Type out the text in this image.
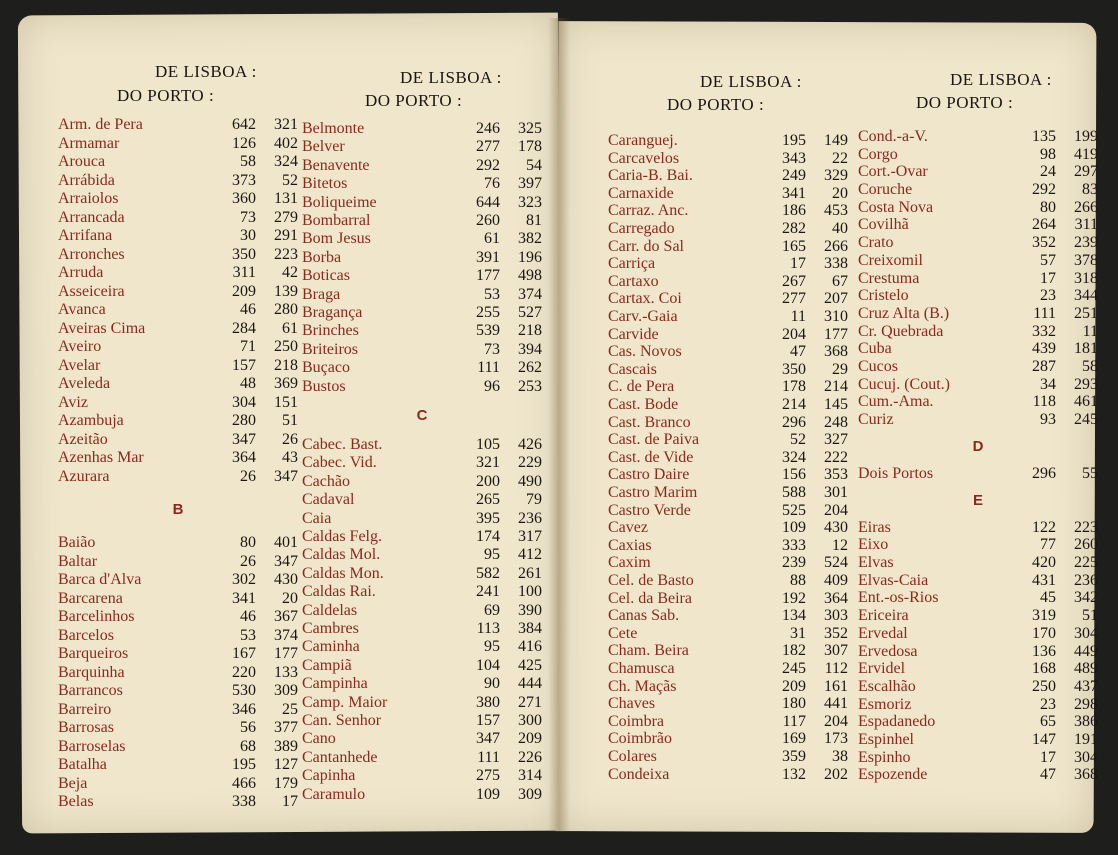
DE LISBOA :
DO PORTO :
Arm. de Pera	642	321
Armamar	126	402
Arouca	58	324
Arrábida	373	52
Arraiolos	360	131
Arrancada	73	279
Arrifana	30	291
Arronches	350	223
Arruda	311	42
Asseiceira	209	139
Avanca	46	280
Aveiras Cima	284	61
Aveiro	71	250
Avelar	157	218
Aveleda	48	369
Aviz	304	151
Azambuja	280	51
Azeitão	347	26
Azenhas Mar	364	43
Azurara	26	347
B
Baião	80	401
Baltar	26	347
Barca d'Alva	302	430
Barcarena	341	20
Barcelinhos	46	367
Barcelos	53	374
Barqueiros	167	177
Barquinha	220	133
Barrancos	530	309
Barreiro	346	25
Barrosas	56	377
Barroselas	68	389
Batalha	195	127
Beja	466	179
Belas	338	17
DE LISBOA :
DO PORTO :
Belmonte	246	325
Belver	277	178
Benavente	292	54
Bitetos	76	397
Boliqueime	644	323
Bombarral	260	81
Bom Jesus	61	382
Borba	391	196
Boticas	177	498
Braga	53	374
Bragança	255	527
Brinches	539	218
Briteiros	73	394
Buçaco	111	262
Bustos	96	253
C
Cabec. Bast.	105	426
Cabec. Vid.	321	229
Cachão	200	490
Cadaval	265	79
Caia	395	236
Caldas Felg.	174	317
Caldas Mol.	95	412
Caldas Mon.	582	261
Caldas Rai.	241	100
Caldelas	69	390
Cambres	113	384
Caminha	95	416
Campiã	104	425
Campinha	90	444
Camp. Maior	380	271
Can. Senhor	157	300
Cano	347	209
Cantanhede	111	226
Capinha	275	314
Caramulo	109	309
DE LISBOA :
DO PORTO :
Caranguej.	195	149
Carcavelos	343	22
Caria-B. Bai.	249	329
Carnaxide	341	20
Carraz. Anc.	186	453
Carregado	282	40
Carr. do Sal	165	266
Carriça	17	338
Cartaxo	267	67
Cartax. Coi	277	207
Carv.-Gaia	11	310
Carvide	204	177
Cas. Novos	47	368
Cascais	350	29
C. de Pera	178	214
Cast. Bode	214	145
Cast. Branco	296	248
Cast. de Paiva	52	327
Cast. de Vide	324	222
Castro Daire	156	353
Castro Marim	588	301
Castro Verde	525	204
Cavez	109	430
Caxias	333	12
Caxim	239	524
Cel. de Basto	88	409
Cel. da Beira	192	364
Canas Sab.	134	303
Cete	31	352
Cham. Beira	182	307
Chamusca	245	112
Ch. Maçãs	209	161
Chaves	180	441
Coimbra	117	204
Coimbrão	169	173
Colares	359	38
Condeixa	132	202
DE LISBOA :
DO PORTO :
Cond.-a-V.	135	199
Corgo	98	419
Cort.-Ovar	24	297
Coruche	292	83
Costa Nova	80	266
Covilhã	264	311
Crato	352	239
Creixomil	57	378
Crestuma	17	318
Cristelo	23	344
Cruz Alta (B.)	111	251
Cr. Quebrada	332	11
Cuba	439	181
Cucos	287	58
Cucuj. (Cout.)	34	293
Cum.-Ama.	118	461
Curiz	93	245
D
Dois Portos	296	55
E
Eiras	122	223
Eixo	77	260
Elvas	420	225
Elvas-Caia	431	236
Ent.-os-Rios	45	342
Ericeira	319	51
Ervedal	170	304
Ervedosa	136	449
Ervidel	168	489
Escalhão	250	437
Esmoriz	23	298
Espadanedo	65	386
Espinhel	147	191
Espinho	17	304
Espozende	47	368
